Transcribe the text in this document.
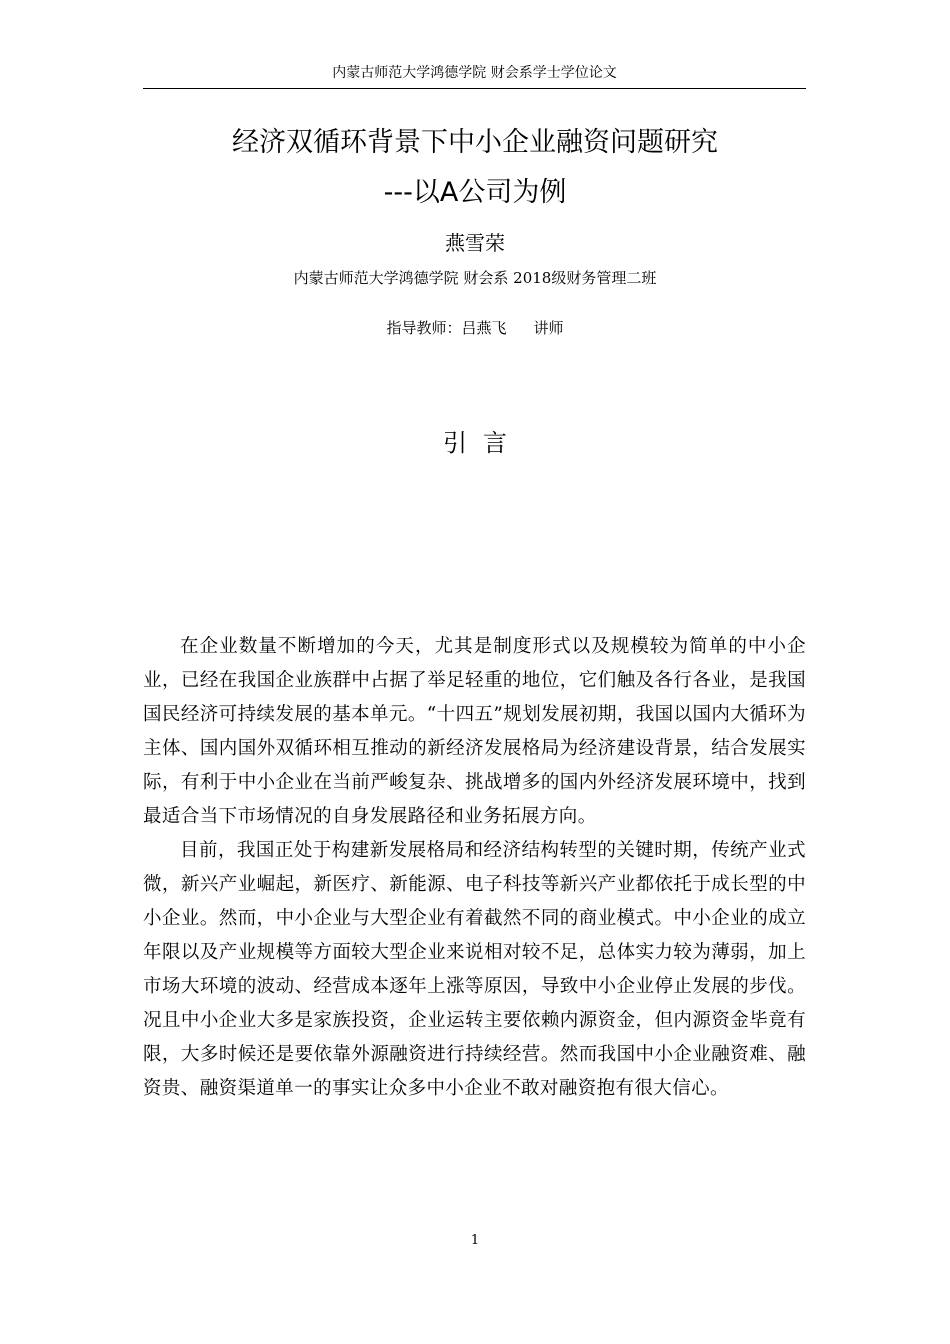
内蒙古师范大学鸿德学院 财会系学士学位论文
经济双循环背景下中小企业融资问题研究
---以A公司为例
燕雪荣
内蒙古师范大学鸿德学院 财会系 2018级财务管理二班
指导教师：吕燕飞   讲师
引言

在企业数量不断增加的今天，尤其是制度形式以及规模较为简单的中小企业，已经在我国企业族群中占据了举足轻重的地位，它们触及各行各业，是我国国民经济可持续发展的基本单元。“十四五”规划发展初期，我国以国内大循环为主体、国内国外双循环相互推动的新经济发展格局为经济建设背景，结合发展实际，有利于中小企业在当前严峻复杂、挑战增多的国内外经济发展环境中，找到最适合当下市场情况的自身发展路径和业务拓展方向。

目前，我国正处于构建新发展格局和经济结构转型的关键时期，传统产业式微，新兴产业崛起，新医疗、新能源、电子科技等新兴产业都依托于成长型的中小企业。然而，中小企业与大型企业有着截然不同的商业模式。中小企业的成立年限以及产业规模等方面较大型企业来说相对较不足，总体实力较为薄弱，加上市场大环境的波动、经营成本逐年上涨等原因，导致中小企业停止发展的步伐。况且中小企业大多是家族投资，企业运转主要依赖内源资金，但内源资金毕竟有限，大多时候还是要依靠外源融资进行持续经营。然而我国中小企业融资难、融资贵、融资渠道单一的事实让众多中小企业不敢对融资抱有很大信心。

1
